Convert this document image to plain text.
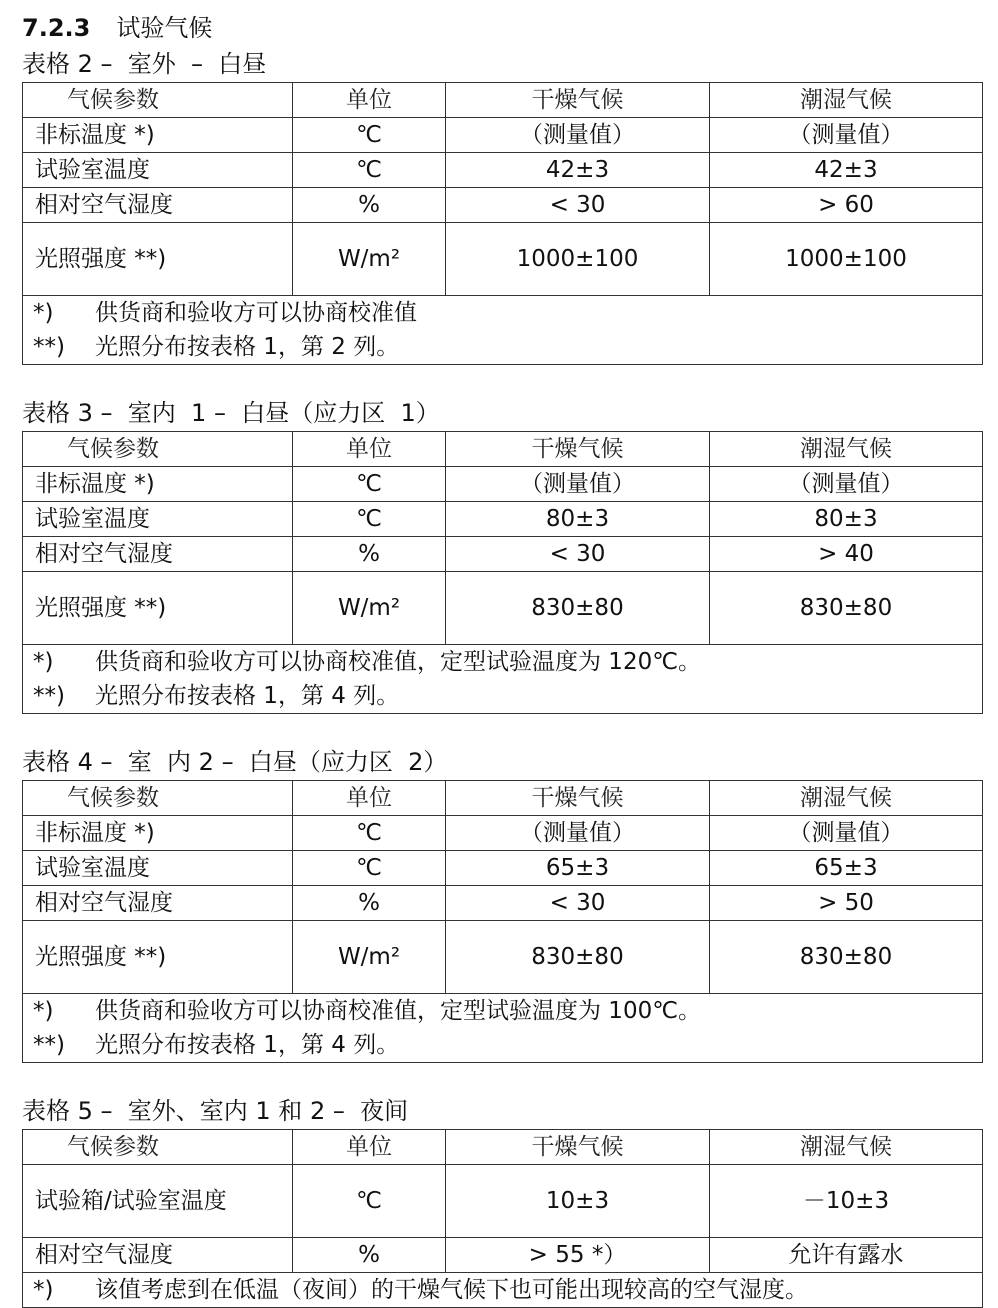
7.2.3 试验气候
表格 2 –  室外  –  白昼
气候参数	单位	干燥气候	潮湿气候
非标温度 *)	℃	（测量值）	（测量值）
试验室温度	℃	42±3	42±3
相对空气湿度	%	< 30	> 60
光照强度 **)	W/m²	1000±100	1000±100
*) 供货商和验收方可以协商校准值			
**) 光照分布按表格 1，第 2 列。			
表格 3 –  室内  1 –  白昼（应力区  1）
气候参数	单位	干燥气候	潮湿气候
非标温度 *)	℃	（测量值）	（测量值）
试验室温度	℃	80±3	80±3
相对空气湿度	%	< 30	> 40
光照强度 **)	W/m²	830±80	830±80
*) 供货商和验收方可以协商校准值，定型试验温度为 120℃。			
**) 光照分布按表格 1，第 4 列。			
表格 4 –  室  内 2 –  白昼（应力区  2）
气候参数	单位	干燥气候	潮湿气候
非标温度 *)	℃	（测量值）	（测量值）
试验室温度	℃	65±3	65±3
相对空气湿度	%	< 30	> 50
光照强度 **)	W/m²	830±80	830±80
*) 供货商和验收方可以协商校准值，定型试验温度为 100℃。			
**) 光照分布按表格 1，第 4 列。			
表格 5 –  室外、室内 1 和 2 –  夜间
气候参数	单位	干燥气候	潮湿气候
试验箱/试验室温度	℃	10±3	－10±3
相对空气湿度	%	> 55 *）	允许有露水
*) 该值考虑到在低温（夜间）的干燥气候下也可能出现较高的空气湿度。			
